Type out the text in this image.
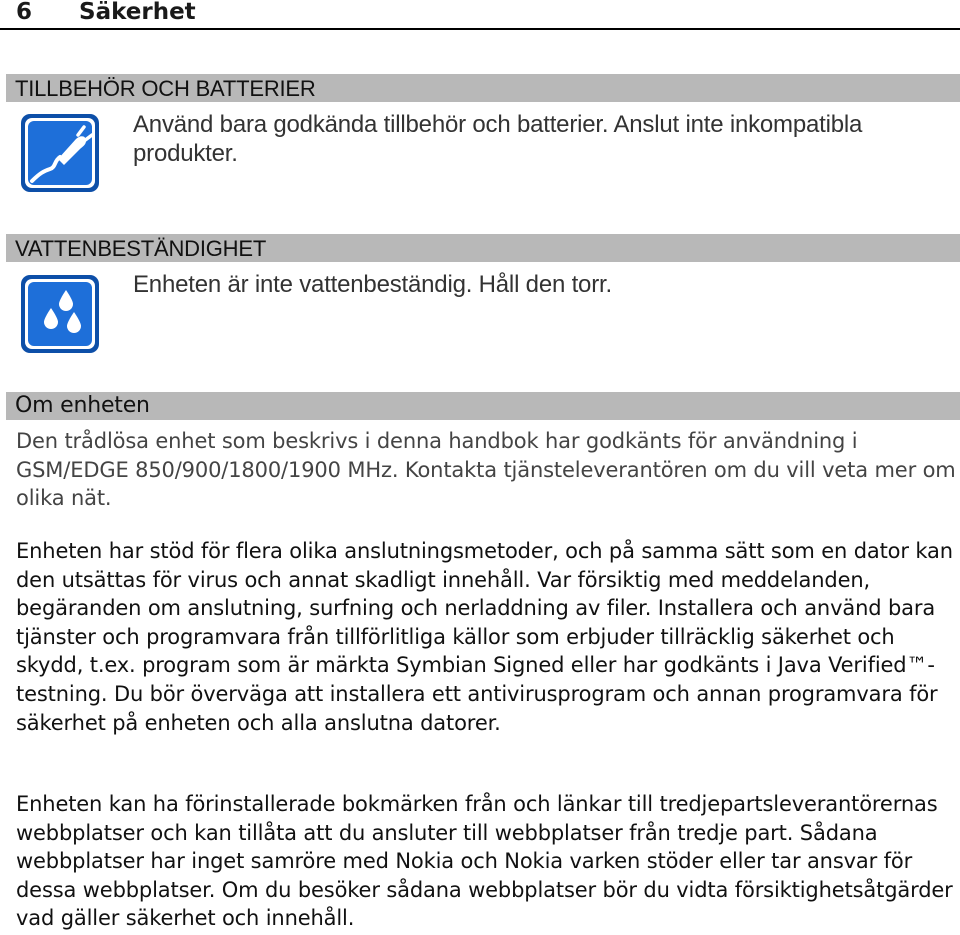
6 Säkerhet
TILLBEHÖR OCH BATTERIER
Använd bara godkända tillbehör och batterier. Anslut inte inkompatibla produkter.
VATTENBESTÄNDIGHET
Enheten är inte vattenbeständig. Håll den torr.
Om enheten
Den trådlösa enhet som beskrivs i denna handbok har godkänts för användning i GSM/EDGE 850/900/1800/1900 MHz. Kontakta tjänsteleverantören om du vill veta mer om olika nät.
Enheten har stöd för flera olika anslutningsmetoder, och på samma sätt som en dator kan den utsättas för virus och annat skadligt innehåll. Var försiktig med meddelanden, begäranden om anslutning, surfning och nerladdning av filer. Installera och använd bara tjänster och programvara från tillförlitliga källor som erbjuder tillräcklig säkerhet och skydd, t.ex. program som är märkta Symbian Signed eller har godkänts i Java Verified™-testning. Du bör överväga att installera ett antivirusprogram och annan programvara för säkerhet på enheten och alla anslutna datorer.
Enheten kan ha förinstallerade bokmärken från och länkar till tredjepartsleverantörernas webbplatser och kan tillåta att du ansluter till webbplatser från tredje part. Sådana webbplatser har inget samröre med Nokia och Nokia varken stöder eller tar ansvar för dessa webbplatser. Om du besöker sådana webbplatser bör du vidta försiktighetsåtgärder vad gäller säkerhet och innehåll.
